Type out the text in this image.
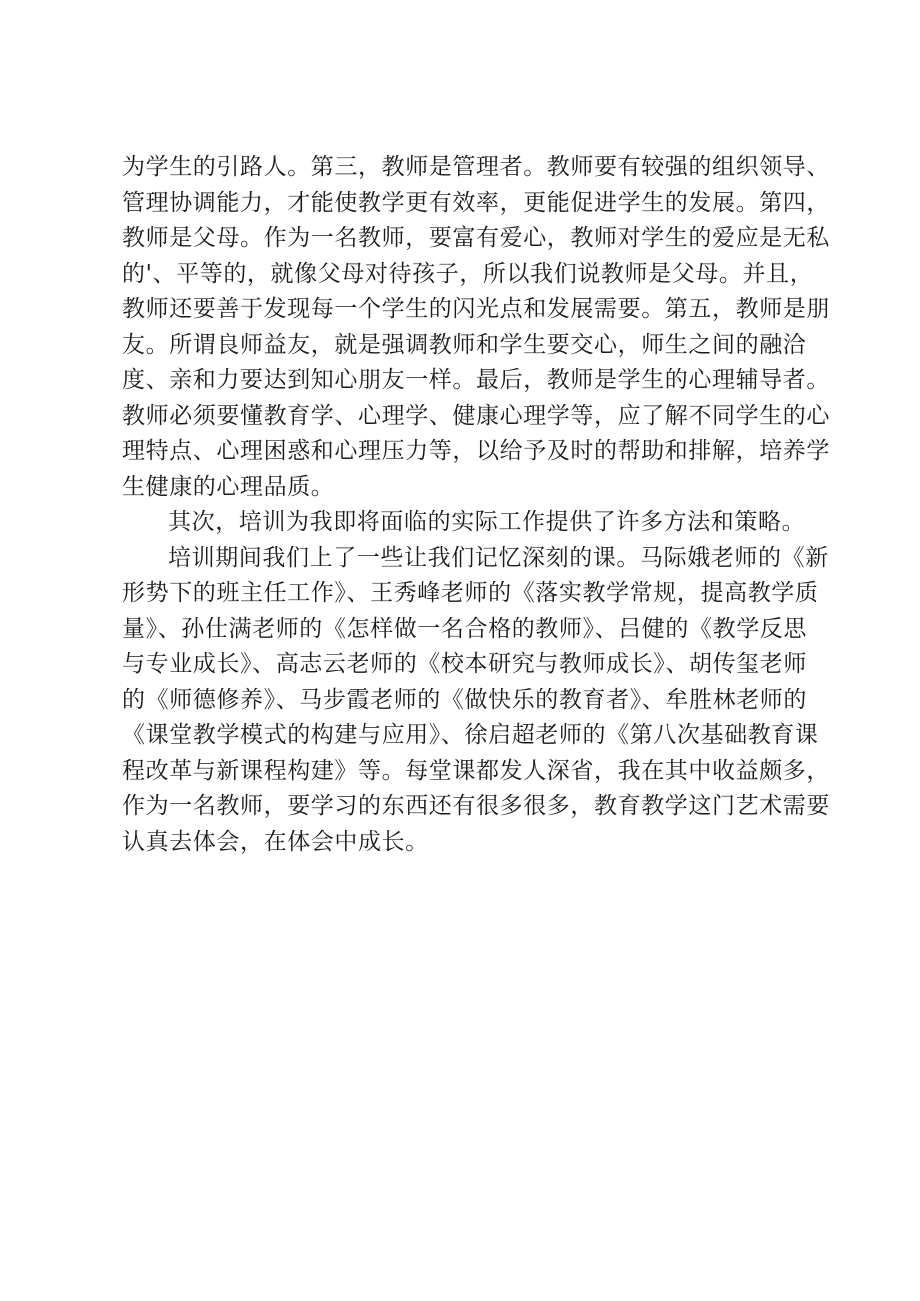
为学生的引路人。第三，教师是管理者。教师要有较强的组织领导、
管理协调能力，才能使教学更有效率，更能促进学生的发展。第四，
教师是父母。作为一名教师，要富有爱心，教师对学生的爱应是无私
的'、平等的，就像父母对待孩子，所以我们说教师是父母。并且，
教师还要善于发现每一个学生的闪光点和发展需要。第五，教师是朋
友。所谓良师益友，就是强调教师和学生要交心，师生之间的融洽
度、亲和力要达到知心朋友一样。最后，教师是学生的心理辅导者。
教师必须要懂教育学、心理学、健康心理学等，应了解不同学生的心
理特点、心理困惑和心理压力等，以给予及时的帮助和排解，培养学
生健康的心理品质。
其次，培训为我即将面临的实际工作提供了许多方法和策略。
培训期间我们上了一些让我们记忆深刻的课。马际娥老师的《新
形势下的班主任工作》、王秀峰老师的《落实教学常规，提高教学质
量》、孙仕满老师的《怎样做一名合格的教师》、吕健的《教学反思
与专业成长》、高志云老师的《校本研究与教师成长》、胡传玺老师
的《师德修养》、马步霞老师的《做快乐的教育者》、牟胜林老师的
《课堂教学模式的构建与应用》、徐启超老师的《第八次基础教育课
程改革与新课程构建》等。每堂课都发人深省，我在其中收益颇多，
作为一名教师，要学习的东西还有很多很多，教育教学这门艺术需要
认真去体会，在体会中成长。
